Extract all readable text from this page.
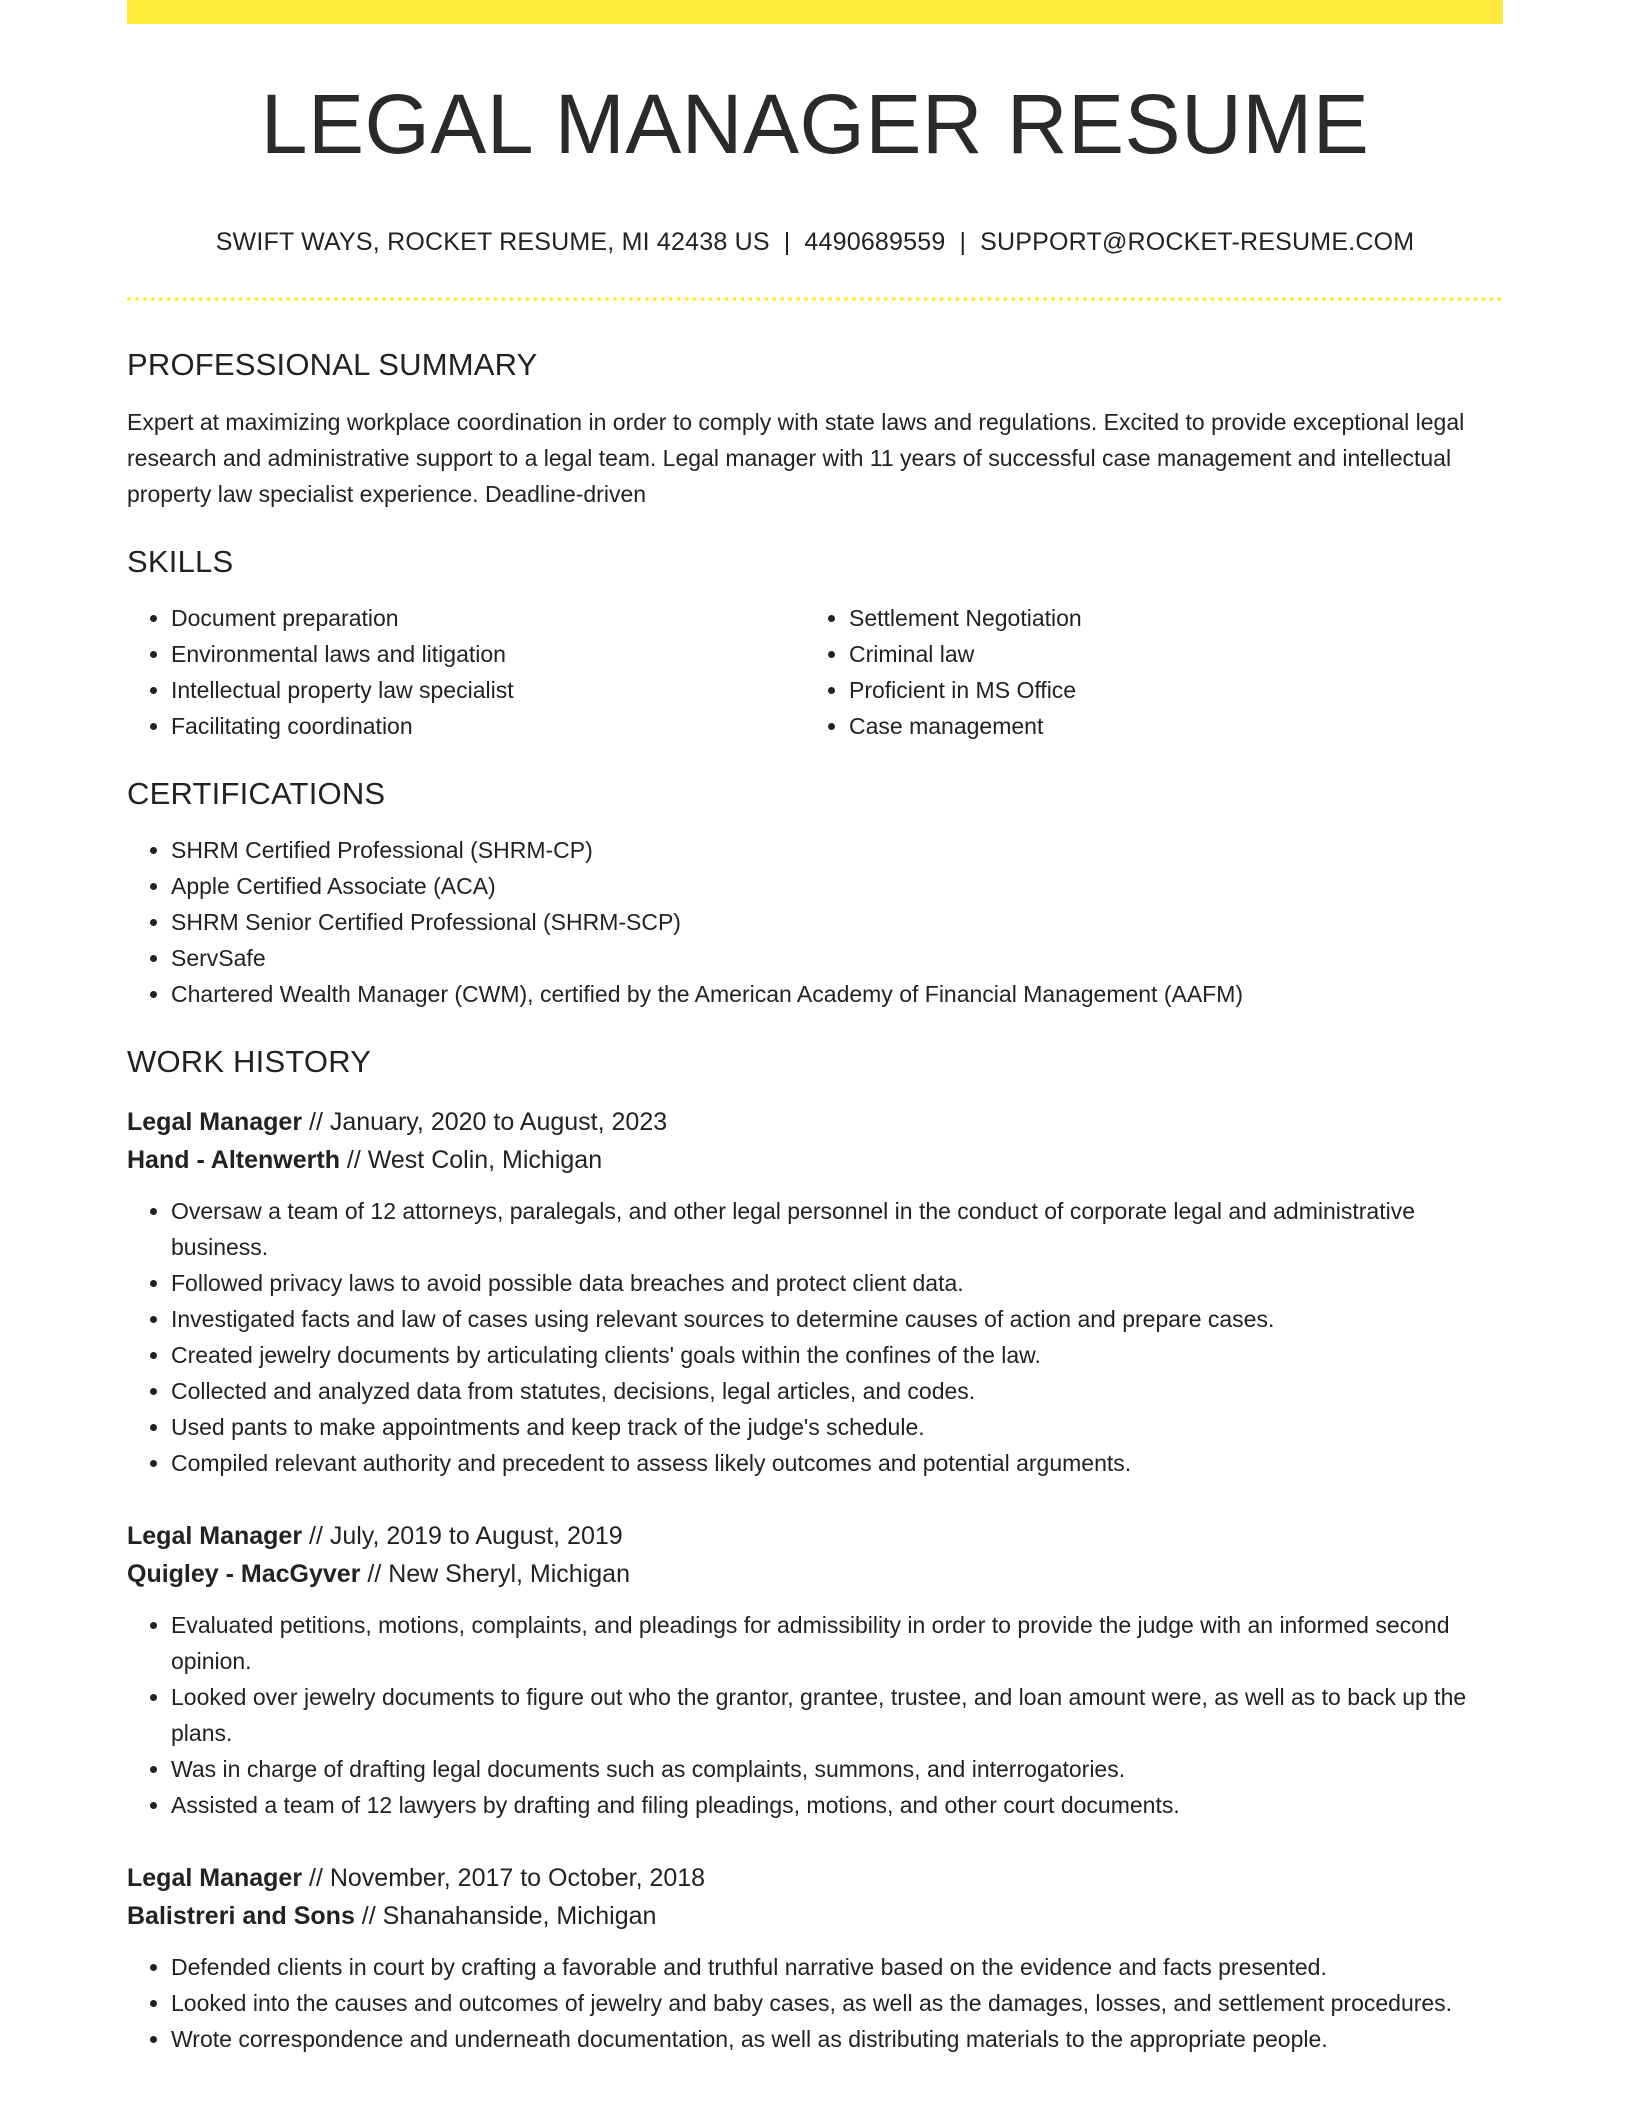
LEGAL MANAGER RESUME
SWIFT WAYS, ROCKET RESUME, MI 42438 US | 4490689559 | SUPPORT@ROCKET-RESUME.COM
PROFESSIONAL SUMMARY
Expert at maximizing workplace coordination in order to comply with state laws and regulations. Excited to provide exceptional legal research and administrative support to a legal team. Legal manager with 11 years of successful case management and intellectual property law specialist experience. Deadline-driven
SKILLS
• Document preparation
• Environmental laws and litigation
• Intellectual property law specialist
• Facilitating coordination
• Settlement Negotiation
• Criminal law
• Proficient in MS Office
• Case management
CERTIFICATIONS
• SHRM Certified Professional (SHRM-CP)
• Apple Certified Associate (ACA)
• SHRM Senior Certified Professional (SHRM-SCP)
• ServSafe
• Chartered Wealth Manager (CWM), certified by the American Academy of Financial Management (AAFM)
WORK HISTORY
Legal Manager // January, 2020 to August, 2023
Hand - Altenwerth // West Colin, Michigan
• Oversaw a team of 12 attorneys, paralegals, and other legal personnel in the conduct of corporate legal and administrative business.
• Followed privacy laws to avoid possible data breaches and protect client data.
• Investigated facts and law of cases using relevant sources to determine causes of action and prepare cases.
• Created jewelry documents by articulating clients' goals within the confines of the law.
• Collected and analyzed data from statutes, decisions, legal articles, and codes.
• Used pants to make appointments and keep track of the judge's schedule.
• Compiled relevant authority and precedent to assess likely outcomes and potential arguments.
Legal Manager // July, 2019 to August, 2019
Quigley - MacGyver // New Sheryl, Michigan
• Evaluated petitions, motions, complaints, and pleadings for admissibility in order to provide the judge with an informed second opinion.
• Looked over jewelry documents to figure out who the grantor, grantee, trustee, and loan amount were, as well as to back up the plans.
• Was in charge of drafting legal documents such as complaints, summons, and interrogatories.
• Assisted a team of 12 lawyers by drafting and filing pleadings, motions, and other court documents.
Legal Manager // November, 2017 to October, 2018
Balistreri and Sons // Shanahanside, Michigan
• Defended clients in court by crafting a favorable and truthful narrative based on the evidence and facts presented.
• Looked into the causes and outcomes of jewelry and baby cases, as well as the damages, losses, and settlement procedures.
• Wrote correspondence and underneath documentation, as well as distributing materials to the appropriate people.
